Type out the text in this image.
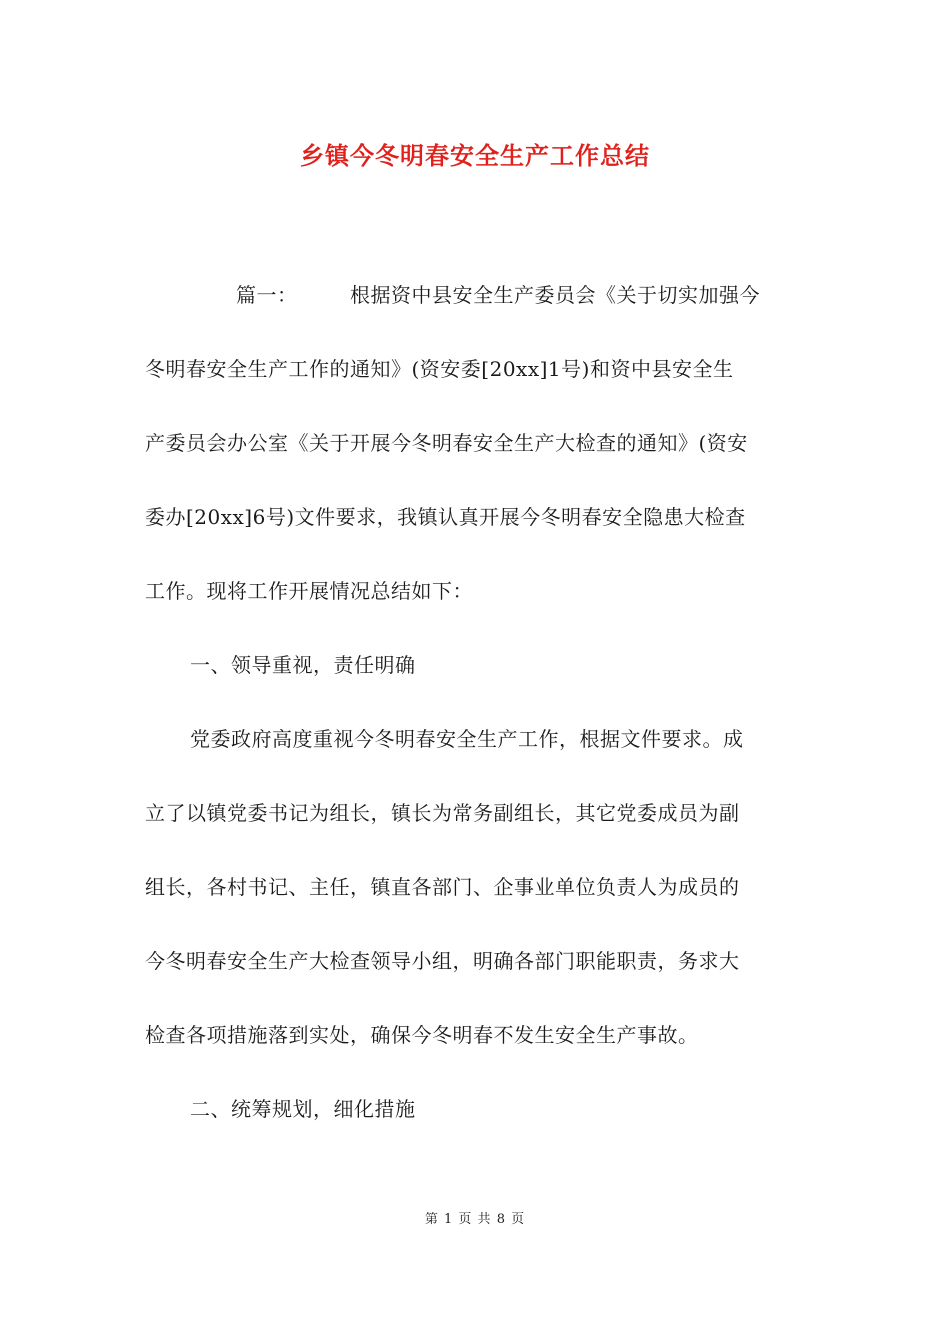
乡镇今冬明春安全生产工作总结
篇一：	根据资中县安全生产委员会《关于切实加强今
冬明春安全生产工作的通知》(资安委[20xx]1号)和资中县安全生
产委员会办公室《关于开展今冬明春安全生产大检查的通知》(资安
委办[20xx]6号)文件要求，我镇认真开展今冬明春安全隐患大检查
工作。现将工作开展情况总结如下：
一、领导重视，责任明确
党委政府高度重视今冬明春安全生产工作，根据文件要求。成
立了以镇党委书记为组长，镇长为常务副组长，其它党委成员为副
组长，各村书记、主任，镇直各部门、企事业单位负责人为成员的
今冬明春安全生产大检查领导小组，明确各部门职能职责，务求大
检查各项措施落到实处，确保今冬明春不发生安全生产事故。
二、统筹规划，细化措施
第 1 页 共 8 页
